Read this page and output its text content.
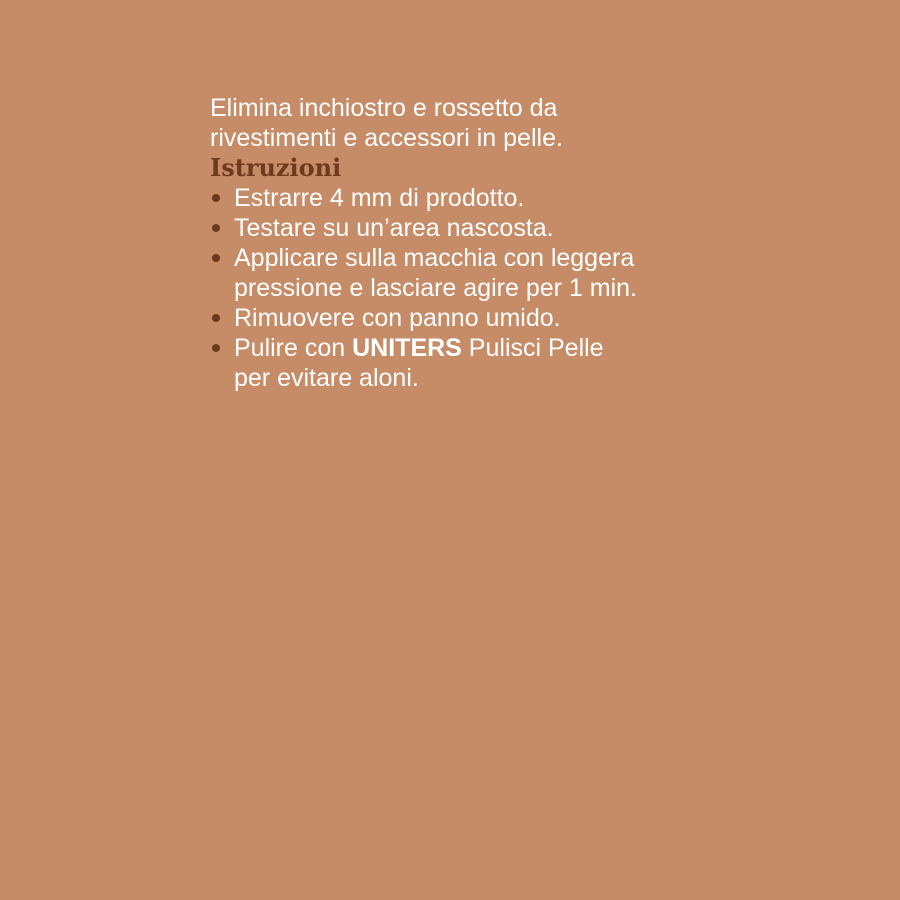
Elimina inchiostro e rossetto da
rivestimenti e accessori in pelle.

Istruzioni
Estrarre 4 mm di prodotto.
Testare su un’area nascosta.
Applicare sulla macchia con leggera
pressione e lasciare agire per 1 min.
Rimuovere con panno umido.
Pulire con UNITERS Pulisci Pelle
per evitare aloni.
